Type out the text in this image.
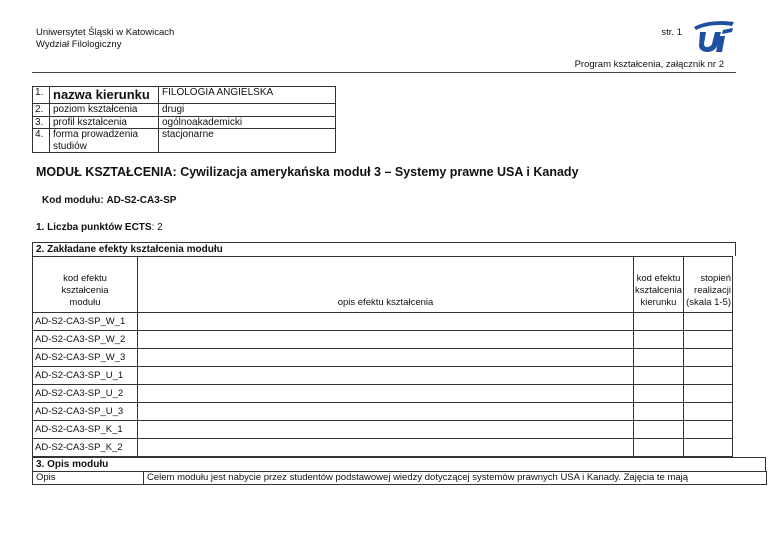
Uniwersytet Śląski w Katowicach
Wydział Filologiczny
str. 1
Program kształcenia, załącznik nr 2
1.	nazwa kierunku	FILOLOGIA ANGIELSKA
2.	poziom kształcenia	drugi
3.	profil kształcenia	ogólnoakademicki
4.	forma prowadzenia studiów	stacjonarne
MODUŁ KSZTAŁCENIA: Cywilizacja amerykańska moduł 3 – Systemy prawne USA i Kanady
Kod modułu: AD-S2-CA3-SP
1. Liczba punktów ECTS: 2
2. Zakładane efekty kształcenia modułu
kod efektu kształcenia modułu	opis efektu kształcenia	kod efektu kształcenia kierunku	stopień realizacji (skala 1-5)
AD-S2-CA3-SP_W_1			
AD-S2-CA3-SP_W_2			
AD-S2-CA3-SP_W_3			
AD-S2-CA3-SP_U_1			
AD-S2-CA3-SP_U_2			
AD-S2-CA3-SP_U_3			
AD-S2-CA3-SP_K_1			
AD-S2-CA3-SP_K_2			
3. Opis modułu
Opis	Celem modułu jest nabycie przez studentów podstawowej wiedzy dotyczącej systemów prawnych USA i Kanady. Zajęcia te mają
